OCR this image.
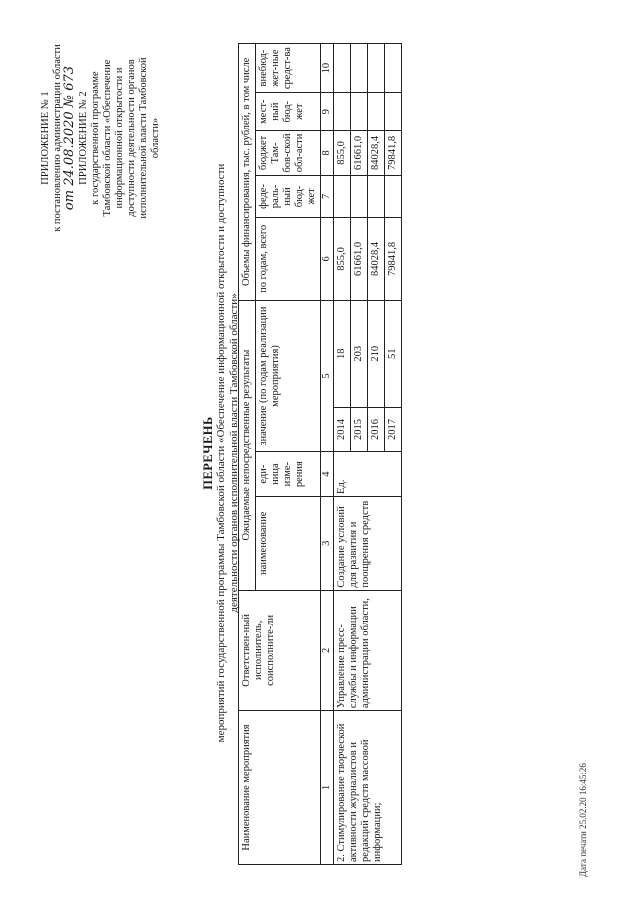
ПРИЛОЖЕНИЕ № 1 к постановлению администрации области от 24.08.2020 № 673 ПРИЛОЖЕНИЕ № 2 к государственной программе Тамбовской области «Обеспечение информационной открытости и доступности деятельности органов исполнительной власти Тамбовской области»
ПЕРЕЧЕНЬ мероприятий государственной программы Тамбовской области «Обеспечение информационной открытости и доступности деятельности органов исполнительной власти Тамбовской области»
Наименование мероприятия	Ответствен-ный исполнитель, соисполните-ли	Ожидаемые непосредственные результаты				Объемы финансирования, тыс. рублей, в том числе				
		наименование	еди-ница изме-рения	значение (по годам реализации мероприятия)		по годам, всего	феде-раль-ный бюд-жет	бюджет Там-бов-ской обл-асти	мест-ный бюд-жет	внебюд-жет-ные средст-ва
1	2	3	4	5		6	7	8	9	10
2. Стимулирование творческой активности журналистов и редакций средств массовой информации;	Управление пресс-службы и информации администрации области,	Создание условий для развития и поощрения средств	Ед.	2014	18	855,0		855,0		
				2015	203	61661,0		61661,0		
				2016	210	84028,4		84028,4		
				2017	51	79841,8		79841,8		
Дата печати 25.02.20 16:45:26
